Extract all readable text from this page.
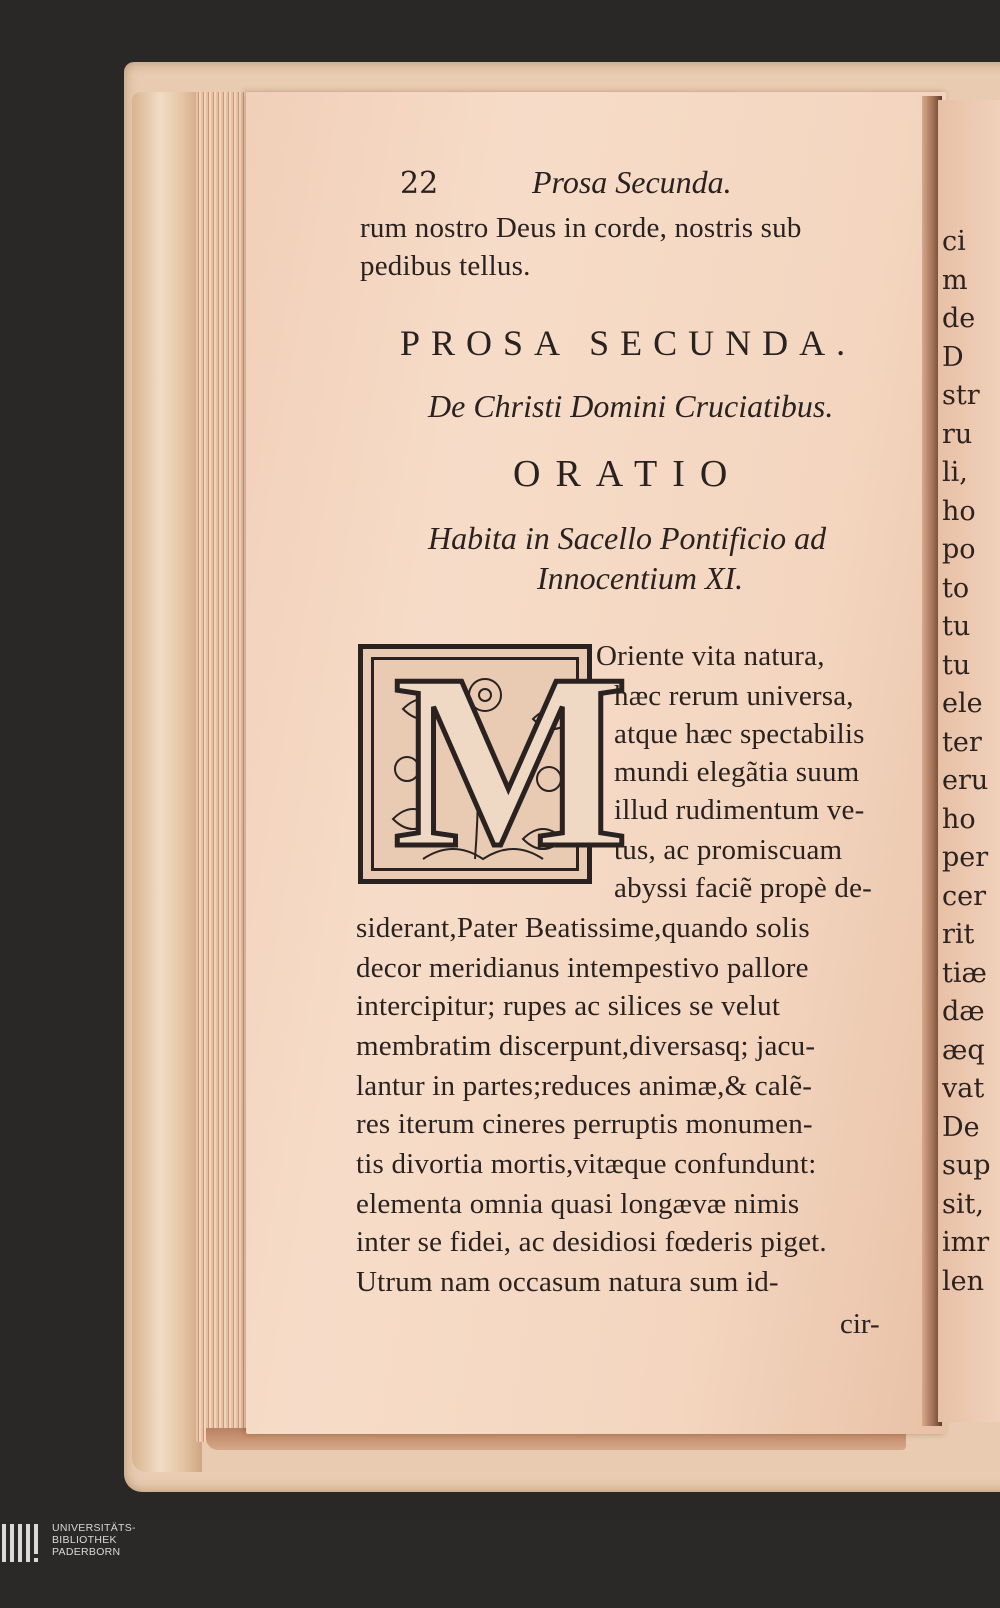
ci
m
de
D
str
ru
li,
ho
po
to
tu
tu
ele
ter
eru
ho
per
cer
rit
tiæ
dæ
æq
vat
De
sup
sit,
imr
len
22	Prosa Secunda.
rum nostro Deus in corde, nostris sub
pedibus tellus.
PROSA SECUNDA.
De Christi Domini Cruciatibus.
ORATIO
Habita in Sacello Pontificio ad
Innocentium XI.
M
Oriente vita natura,
hæc rerum universa,
atque hæc spectabilis
mundi elegãtia suum
illud rudimentum ve-
tus, ac promiscuam
abyssi faciẽ propè de-
siderant,Pater Beatissime,quando solis
decor meridianus intempestivo pallore
intercipitur; rupes ac silices se velut
membratim discerpunt,diversasq; jacu-
lantur in partes;reduces animæ,& calẽ-
res iterum cineres perruptis monumen-
tis divortia mortis,vitæque confundunt:
elementa omnia quasi longævæ nimis
inter se fidei, ac desidiosi fœderis piget.
Utrum nam occasum natura sum id-
cir-
UNIVERSITÄTS-
BIBLIOTHEK
PADERBORN
